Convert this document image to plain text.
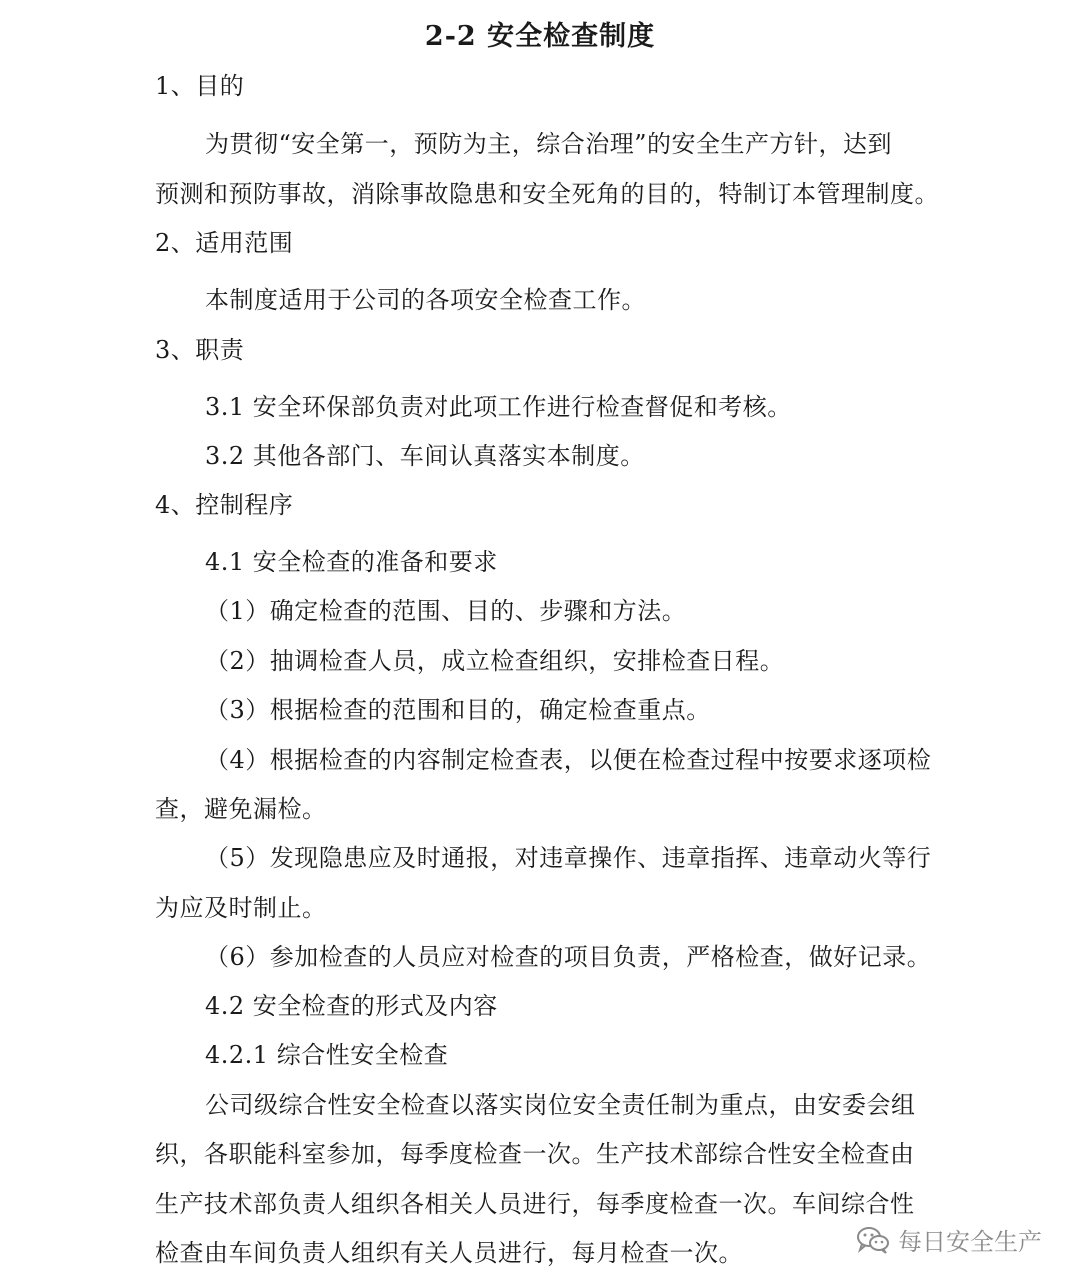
2-2 安全检查制度
1、目的
为贯彻“安全第一，预防为主，综合治理”的安全生产方针，达到
预测和预防事故，消除事故隐患和安全死角的目的，特制订本管理制度。
2、适用范围
本制度适用于公司的各项安全检查工作。
3、职责
3.1 安全环保部负责对此项工作进行检查督促和考核。
3.2 其他各部门、车间认真落实本制度。
4、控制程序
4.1 安全检查的准备和要求
（1）确定检查的范围、目的、步骤和方法。
（2）抽调检查人员，成立检查组织，安排检查日程。
（3）根据检查的范围和目的，确定检查重点。
（4）根据检查的内容制定检查表，以便在检查过程中按要求逐项检
查，避免漏检。
（5）发现隐患应及时通报，对违章操作、违章指挥、违章动火等行
为应及时制止。
（6）参加检查的人员应对检查的项目负责，严格检查，做好记录。
4.2 安全检查的形式及内容
4.2.1 综合性安全检查
公司级综合性安全检查以落实岗位安全责任制为重点，由安委会组
织，各职能科室参加，每季度检查一次。生产技术部综合性安全检查由
生产技术部负责人组织各相关人员进行，每季度检查一次。车间综合性
检查由车间负责人组织有关人员进行，每月检查一次。	每日安全生产
